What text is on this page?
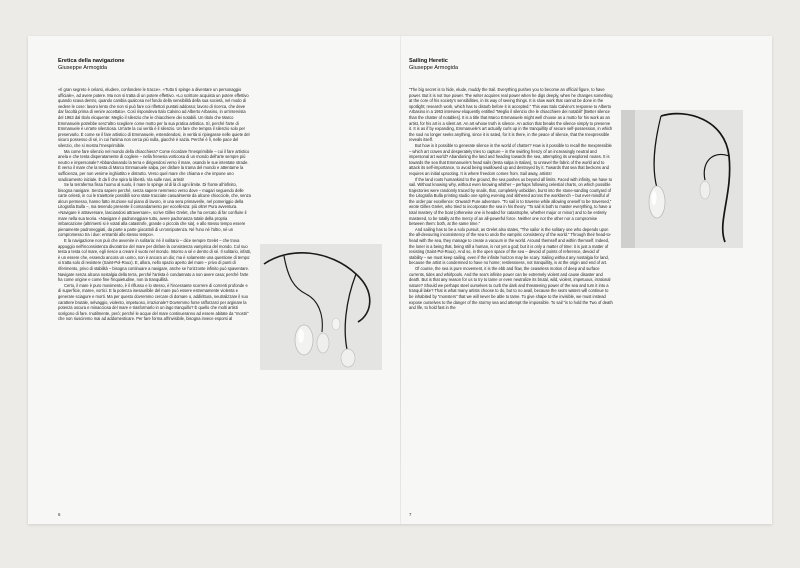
Eretica della navigazione
Giuseppe Armogida

«Il gran segreto è celarsi, eludere, confondere le tracce». «Tutto ti spinge a diventare un personaggio ufficiale», ad avere potere. Ma non si tratta di un potere effettivo. «Lo scrittore acquista un potere effettivo quando scava dentro, quando cambia qualcosa nel fondo della sensibilità della sua società, nel modo di vedere le cose: lavoro lento che non si può fare coi riflettori puntati addosso; lavoro di ricerca, che deve dar facoltà prima di venire accettato». Così rispondeva Italo Calvino ad Alberto Arbasino, in un'intervista del 1963 dal titolo eloquente: Meglio il silenzio che le chiacchiere dei notabili. Un titolo che Marco Emmanuele potrebbe senz'altro scegliere come motto per la sua pratica artistica. Sì, perché l'arte di Emmanuele è un'arte silenziosa. Un'arte la cui verità è il silenzio. Un fare che tempra il silenzio solo per preservarlo. È come se il fare artistico di Emmanuele, estendendosi, in verità si ripiegasse nelle quiete del sicuro possesso di sé, in cui l'anima non cerca più nulla, giacché è sazia. Perché è lì, nelle pace del silenzio, che si mostra l'Inesprimibile.

Ma come fare silenzio nel mondo della chiacchiera? Come ricordare l'Inesprimibile – cui il fare artistico anela e che tenta disperatamente di cogliere – nella frenesia vorticosa di un mondo dell'arte sempre più neutro e impersonale? Abbandonando la terra e dirigendosi verso il mare, osando le sue intentate strade. È verso il mare che la testa di Marco Emmanuele salpa, per disfare la trama del mondo e attentarne la sufficienza, per non venirne inghiottito e distrutto. Verso quel mare che chiama e che impone uno sradicamento iniziale. È da lì che spira la libertà. Via sulle navi, artisti!

Se la terraferma fissa l'uomo al suolo, il mare lo spinge al di là di ogni limite. Di fronte all'infinito, bisogna navigare. Senza sapere perché, senza sapere nemmeno verso dove – magari seguendo delle carte celesti, in cui le traiettorie possibili sono state tracciate casualmente da alcune chiocciole, che, senza alcun permesso, hanno fatto irruzione sul piano di lavoro, in una sera primaverile, nel pomeriggio della Litografia Bulla –, ma tenendo presente il comandamento per eccellenza: più oltre! Pura avventura. «Navigare è attraversare, lasciandosi attraversare», scrive Gilles Grelet, che ha cercato di far confluire il mare nella sua teoria. «Navigare è padroneggiare tutto, avere padronanza totale della propria imbarcazione (altrimenti si è votati alla catastrofe, grande o piccola che sia), e allo stesso tempo essere pienamente padroneggiati, da parte a parte giocattoli di un'onnipotenza. Né l'uno né l'altro, né un compromesso tra i due: entrambi allo stesso tempo».

E la navigazione non può che avvenire in solitaria: né il solitario – dice sempre Grelet – che trova appoggio nell'inconsistenza divoratrice del mare per disfare la consistenza vampirica del mondo. Col suo testa a testa col mare, egli riesce a creare il vuoto nel mondo. Intorno a sé e dentro di sé. Il solitario, infatti, è un essere che, essendo ancora un uomo, non è ancora un dio; ma è solamente una questione di tempo: si tratta solo di resistere (Saint-Pol-Roux). E, allora, nello spazio aperto del mare – privo di punti di riferimento, privo di stabilità – bisogna continuare a navigare, anche se l'orizzonte infinito può spaventare. Navigare senza alcuna nostalgia della terra, perché l'artista è condannato a non avere casa; perché l'arte ha come origine e come fine l'inquietudine, non la tranquillità.

Certo, il mare è puro movimento, è il riflusso e lo stesso, è l'incessante scorrere di correnti profonde e di superficie, maree, vortici. E la potenza inesauribile del mare può essere estremamente violenta e generare sciagure e morti. Ma per questo dovremmo cercare di domare o, addirittura, neutralizzare il suo carattere brutale, selvaggio, violento, impetuoso, irrazionale? Dovremmo forse rafforzarci per arginare la potenza oscura e minacciosa del mare e trasformarlo in un lago tranquillo? È quello che molti artisti scelgono di fare. Inutilmente, però; perché le acque del mare continueranno ad essere abitate da “mostri” che non riusciremo mai ad addomesticare. Per fare forma all'invisibile, bisogna invece esporsi al

6
Sailing Heretic
Giuseppe Armogida

“The big secret is to hide, elude, muddy the trail. Everything pushes you to become an official figure, to have power. But it is not true power. The writer acquires real power when he digs deeply, when he changes something at the core of his society's sensibilities, in its way of seeing things. It is slow work that cannot be done in the spotlight; research work, which has to disturb before it is accepted.” This was Italo Calvino's response to Alberto Arbasino in a 1963 interview eloquently entitled “Meglio il silenzio che le chiacchiere dei notabili” [Better silence than the chatter of notables]. It is a title that Marco Emmanuele might well choose as a motto for his work as an artist, for his art is a silent art. An art whose truth is silence. An action that breaks the silence simply to preserve it. It is as if by expanding, Emmanuele's art actually curls up in the tranquillity of secure self-possession, in which the soul no longer seeks anything, since it is sated, for it is there, in the peace of silence, that the Inexpressible reveals itself.

But how is it possible to generate silence in the world of chatter? How is it possible to recall the Inexpressible – which art craves and desperately tries to capture – in the swirling frenzy of an increasingly neutral and impersonal art world? Abandoning the land and heading towards the sea, attempting its unexplored routes. It is towards the sea that Emmanuele's head sails (testa salpa in Italian), to unravel the fabric of the world and to attack its self-importance, to avoid being swallowed up and destroyed by it. Towards that sea that beckons and requires an initial uprooting. It is where freedom comes from. Sail away, artists!

If the land roots humankind to the ground, the sea pushes us beyond all limits. Faced with infinity, we have to sail. Without knowing why, without even knowing whither – perhaps following celestial charts, on which possible trajectories were randomly traced by snails, that, completely unbidden, burst into the stone-sanding courtyard of the Litografia Bulla printing studio one spring evening and slithered across the workbench – but ever-mindful of the order par excellence: Onward! Pure adventure. “To sail is to traverse while allowing oneself to be traversed,” wrote Gilles Grelet, who tried to incorporate the sea in his theory. “To sail is both to master everything, to have a total mastery of the boat (otherwise one is headed for catastrophe, whether major or minor) and to be entirely mastered, to be totally at the mercy of an all-powerful force. Neither one nor the other nor a compromise between them: both, at the same time.”

And sailing has to be a solo pursuit, as Grelet also states, “The sailor is the solitary one who depends upon the all-devouring inconsistency of the sea to undo the vampiric consistency of the world.” Through their head-to-head with the sea, they manage to create a vacuum in the world. Around themself and within themself. Indeed, the loner is a being that, being still a human, is not yet a god; but it is only a matter of time: it is just a matter of resisting (Saint-Pol-Roux). And so, in the open space of the sea – devoid of points of reference, devoid of stability – we must keep sailing, even if the infinite horizon may be scary. Sailing without any nostalgia for land, because the artist is condemned to have no home; restlessness, not tranquillity, is at the origin and end of art.

Of course, the sea is pure movement, it is the ebb and flow, the ceaseless motion of deep and surface currents, tides and whirlpools. And the sea's infinite power can be extremely violent and cause disaster and death. But is that any reason for us to try to tame or even neutralize its brutal, wild, violent, impetuous, irrational nature? Should we perhaps steel ourselves to curb the dark and threatening power of the sea and turn it into a tranquil lake? That is what many artists choose to do, but to no avail, because the sea's waters will continue to be inhabited by “monsters” that we will never be able to tame. To give shape to the invisible, we must instead expose ourselves to the danger of the stormy sea and attempt the impossible. To sail “is to hold the Two of death and life, to hold fast in the

7
